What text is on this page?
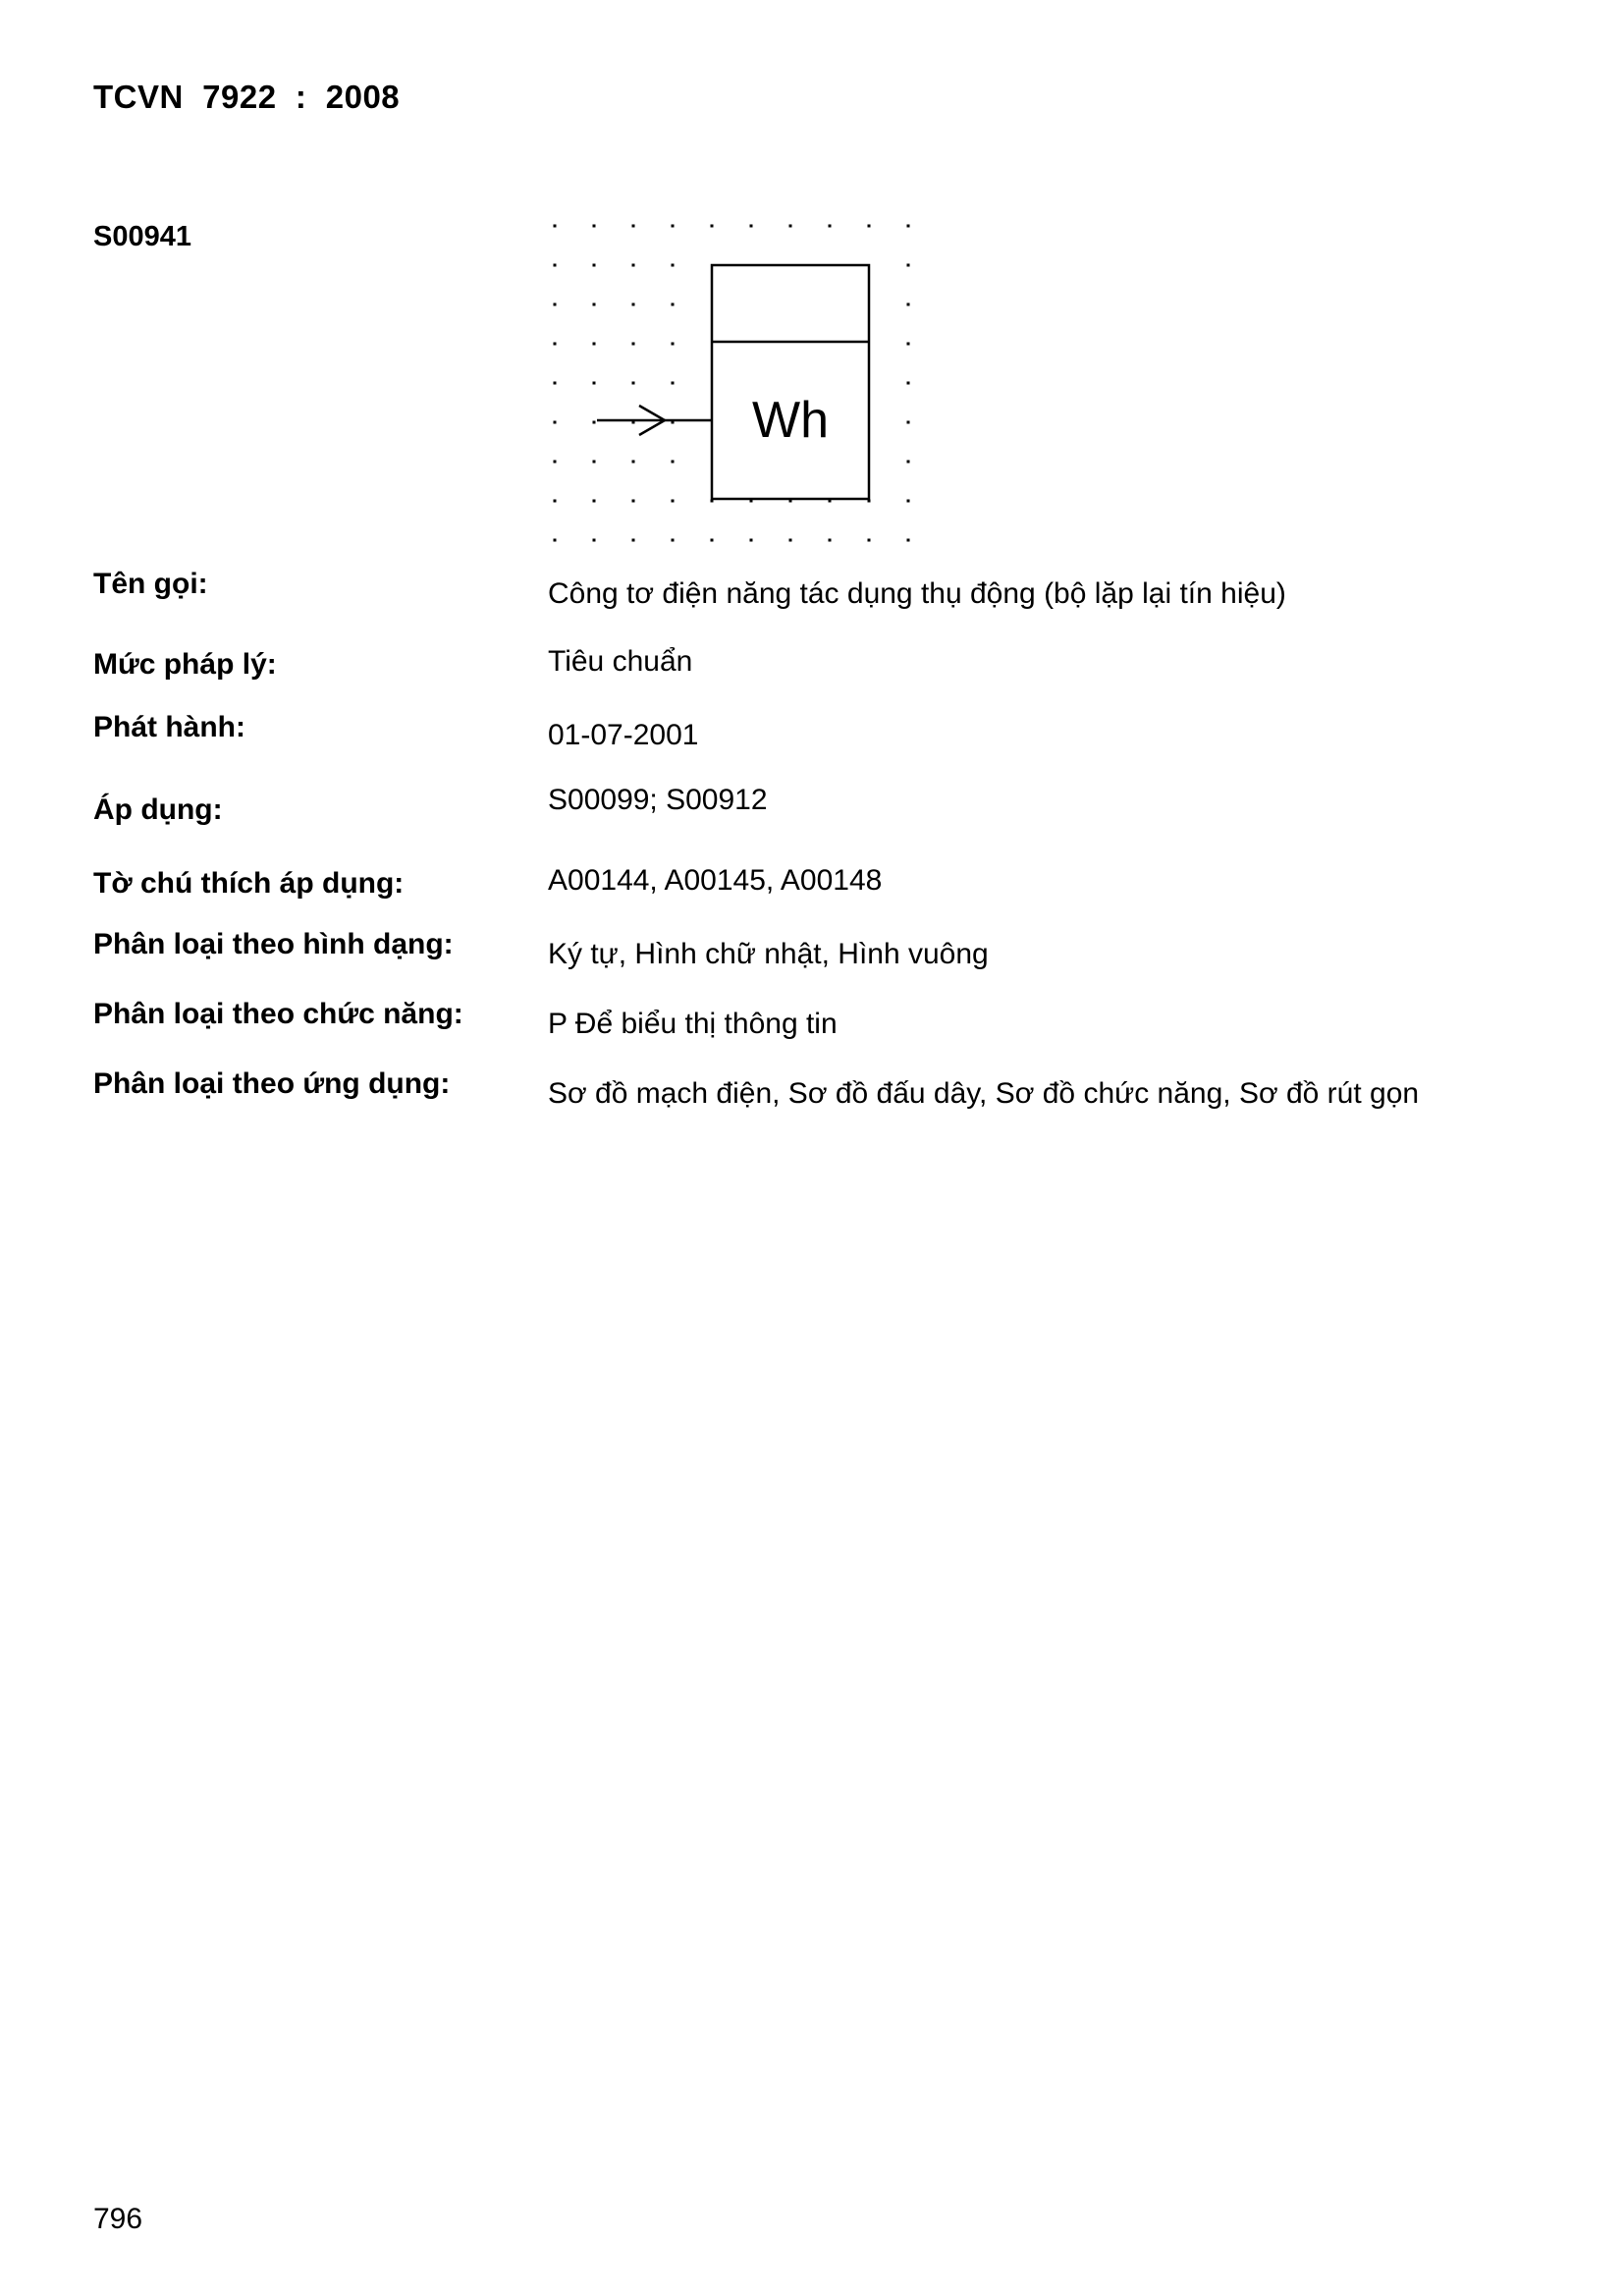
TCVN  7922  :  2008
S00941
Wh
Tên gọi:	Công tơ điện năng tác dụng thụ động (bộ lặp lại tín hiệu)
Mức pháp lý:	Tiêu chuẩn
Phát hành:	01-07-2001
Áp dụng:	S00099; S00912
Tờ chú thích áp dụng:	A00144, A00145, A00148
Phân loại theo hình dạng:	Ký tự, Hình chữ nhật, Hình vuông
Phân loại theo chức năng:	P Để biểu thị thông tin
Phân loại theo ứng dụng:	Sơ đồ mạch điện, Sơ đồ đấu dây, Sơ đồ chức năng, Sơ đồ rút gọn
796
